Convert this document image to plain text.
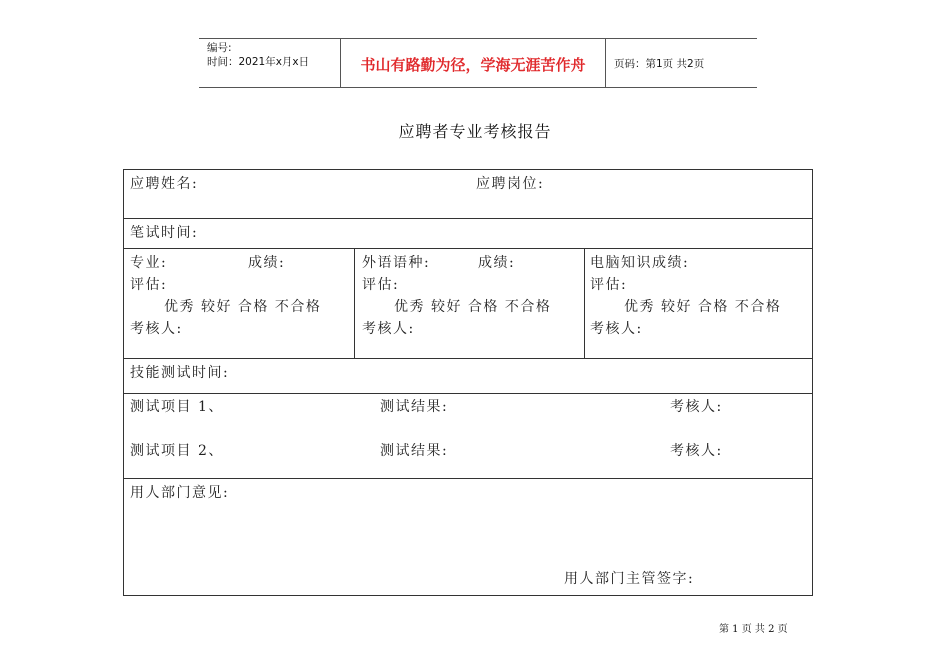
编号:
时间：2021年x月x日	书山有路勤为径，学海无涯苦作舟	页码：第1页 共2页
应聘者专业考核报告
应聘姓名:	应聘岗位:
笔试时间:
专业:	成绩:
评估:
优秀 较好 合格 不合格
考核人:
外语语种:	成绩:
评估:
优秀 较好 合格 不合格
考核人:
电脑知识成绩:
评估:
优秀 较好 合格 不合格
考核人:
技能测试时间:
测试项目 1、	测试结果:	考核人:
测试项目 2、	测试结果:	考核人:
用人部门意见:
用人部门主管签字:
第 1 页 共 2 页
